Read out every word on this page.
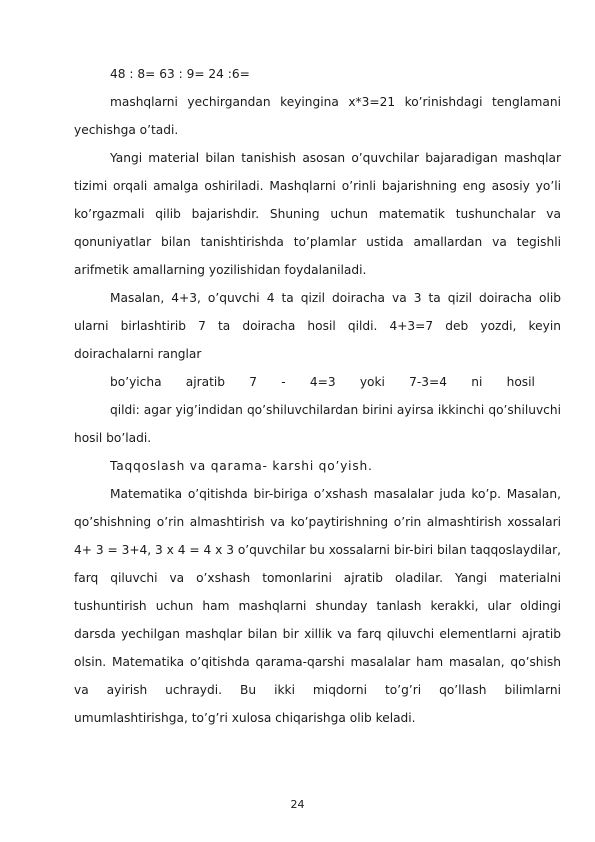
48 : 8= 63 : 9= 24 :6=
mashqlarni yechirgandan keyingina x*3=21 ko’rinishdagi tenglamani
yechishga o’tadi.

Yangi material bilan tanishish asosan o’quvchilar bajaradigan mashqlar tizimi orqali amalga oshiriladi. Mashqlarni o’rinli bajarishning eng asosiy yo’li ko’rgazmali qilib bajarishdir. Shuning uchun matematik tushunchalar va qonuniyatlar bilan tanishtirishda to’plamlar ustida amallardan va tegishli arifmetik amallarning yozilishidan foydalaniladi.

Masalan, 4+3, o’quvchi 4 ta qizil doiracha va 3 ta qizil doiracha olib ularni birlashtirib 7 ta doiracha hosil qildi. 4+3=7 deb yozdi, keyin doirachalarni ranglar

bo’yicha ajratib 7 - 4=3 yoki 7-3=4 ni hosil

qildi: agar yig’indidan qo’shiluvchilardan birini ayirsa ikkinchi qo’shiluvchi hosil bo’ladi.

Taqqoslash va qarama- karshi qo’yish.

Matematika o’qitishda bir-biriga o’xshash masalalar juda ko’p. Masalan, qo’shishning o’rin almashtirish va ko’paytirishning o’rin almashtirish xossalari 4+ 3 = 3+4, 3 x 4 = 4 x 3 o’quvchilar bu xossalarni bir-biri bilan taqqoslaydilar, farq qiluvchi va o’xshash tomonlarini ajratib oladilar. Yangi materialni tushuntirish uchun ham mashqlarni shunday tanlash kerakki, ular oldingi darsda yechilgan mashqlar bilan bir xillik va farq qiluvchi elementlarni ajratib olsin. Matematika o’qitishda qarama-qarshi masalalar ham masalan, qo’shish va ayirish uchraydi. Bu ikki miqdorni to’g’ri qo’llash bilimlarni umumlashtirishga, to’g’ri xulosa chiqarishga olib keladi.

24
